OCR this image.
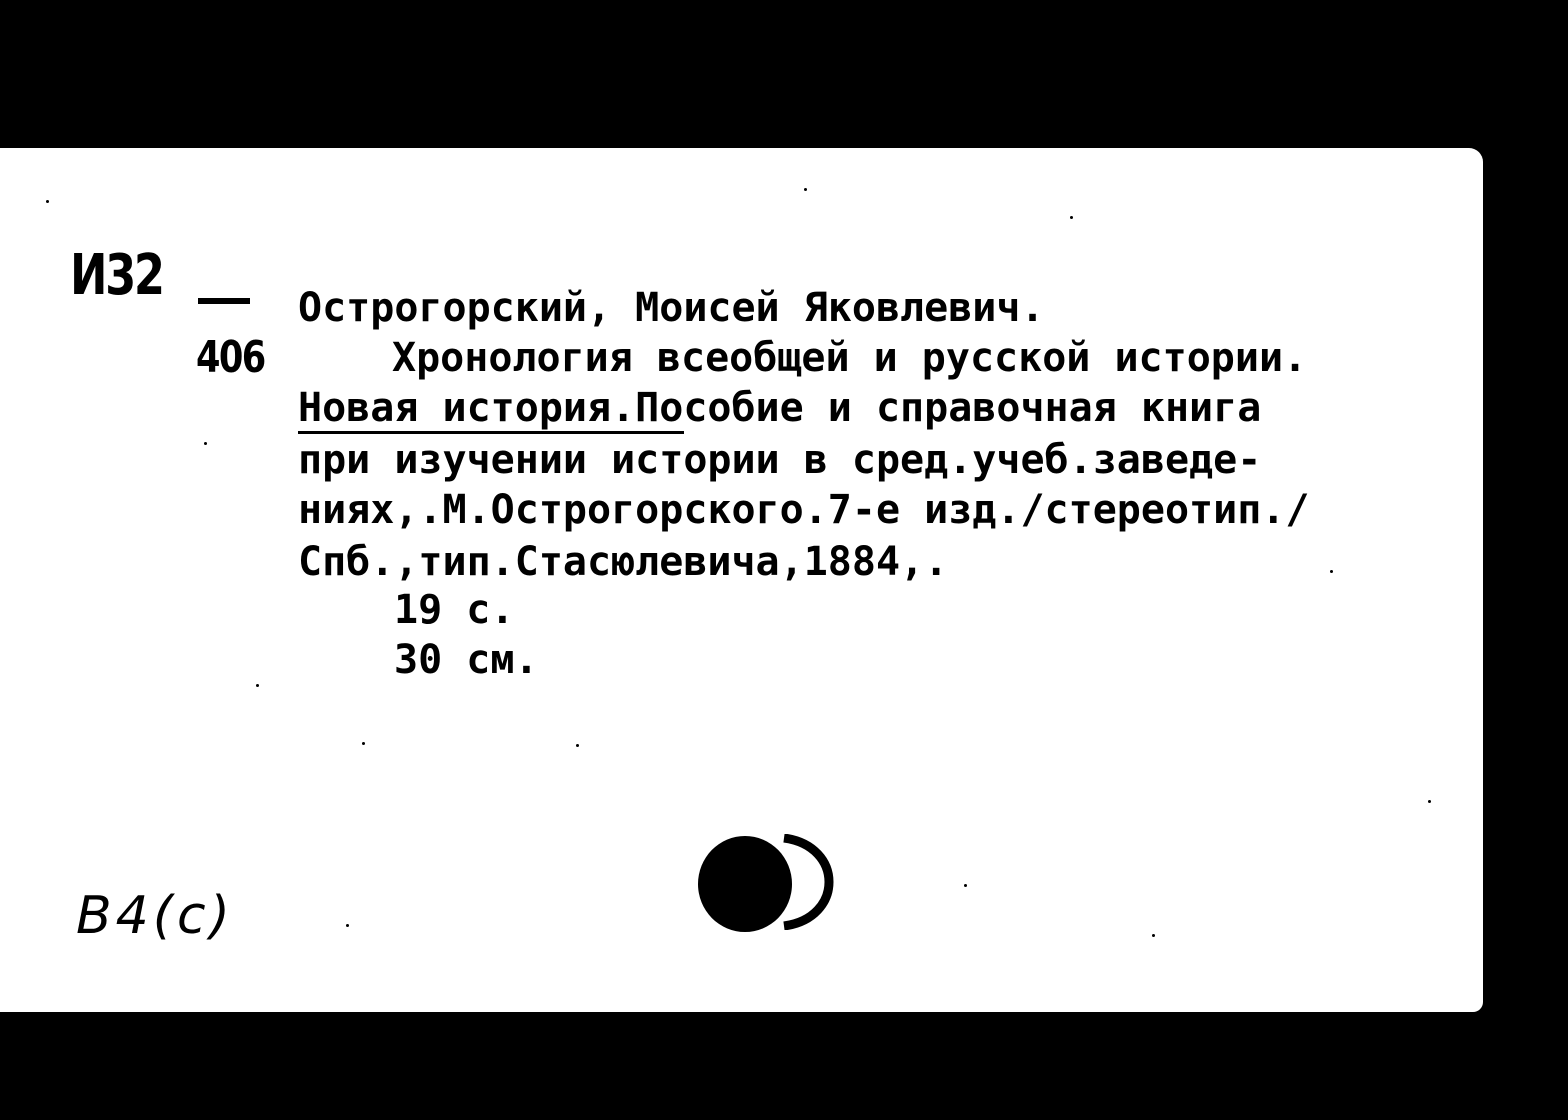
И32
406
Острогорский, Моисей Яковлевич.
Хронология всеобщей и русской истории.
Новая история.Пособие и справочная книга
при изучении истории в сред.учеб.заведе-
ниях,.М.Острогорского.7-е изд./стереотип./
Спб.,тип.Стасюлевича,1884,.
19 с.
30 см.
В4(с)
